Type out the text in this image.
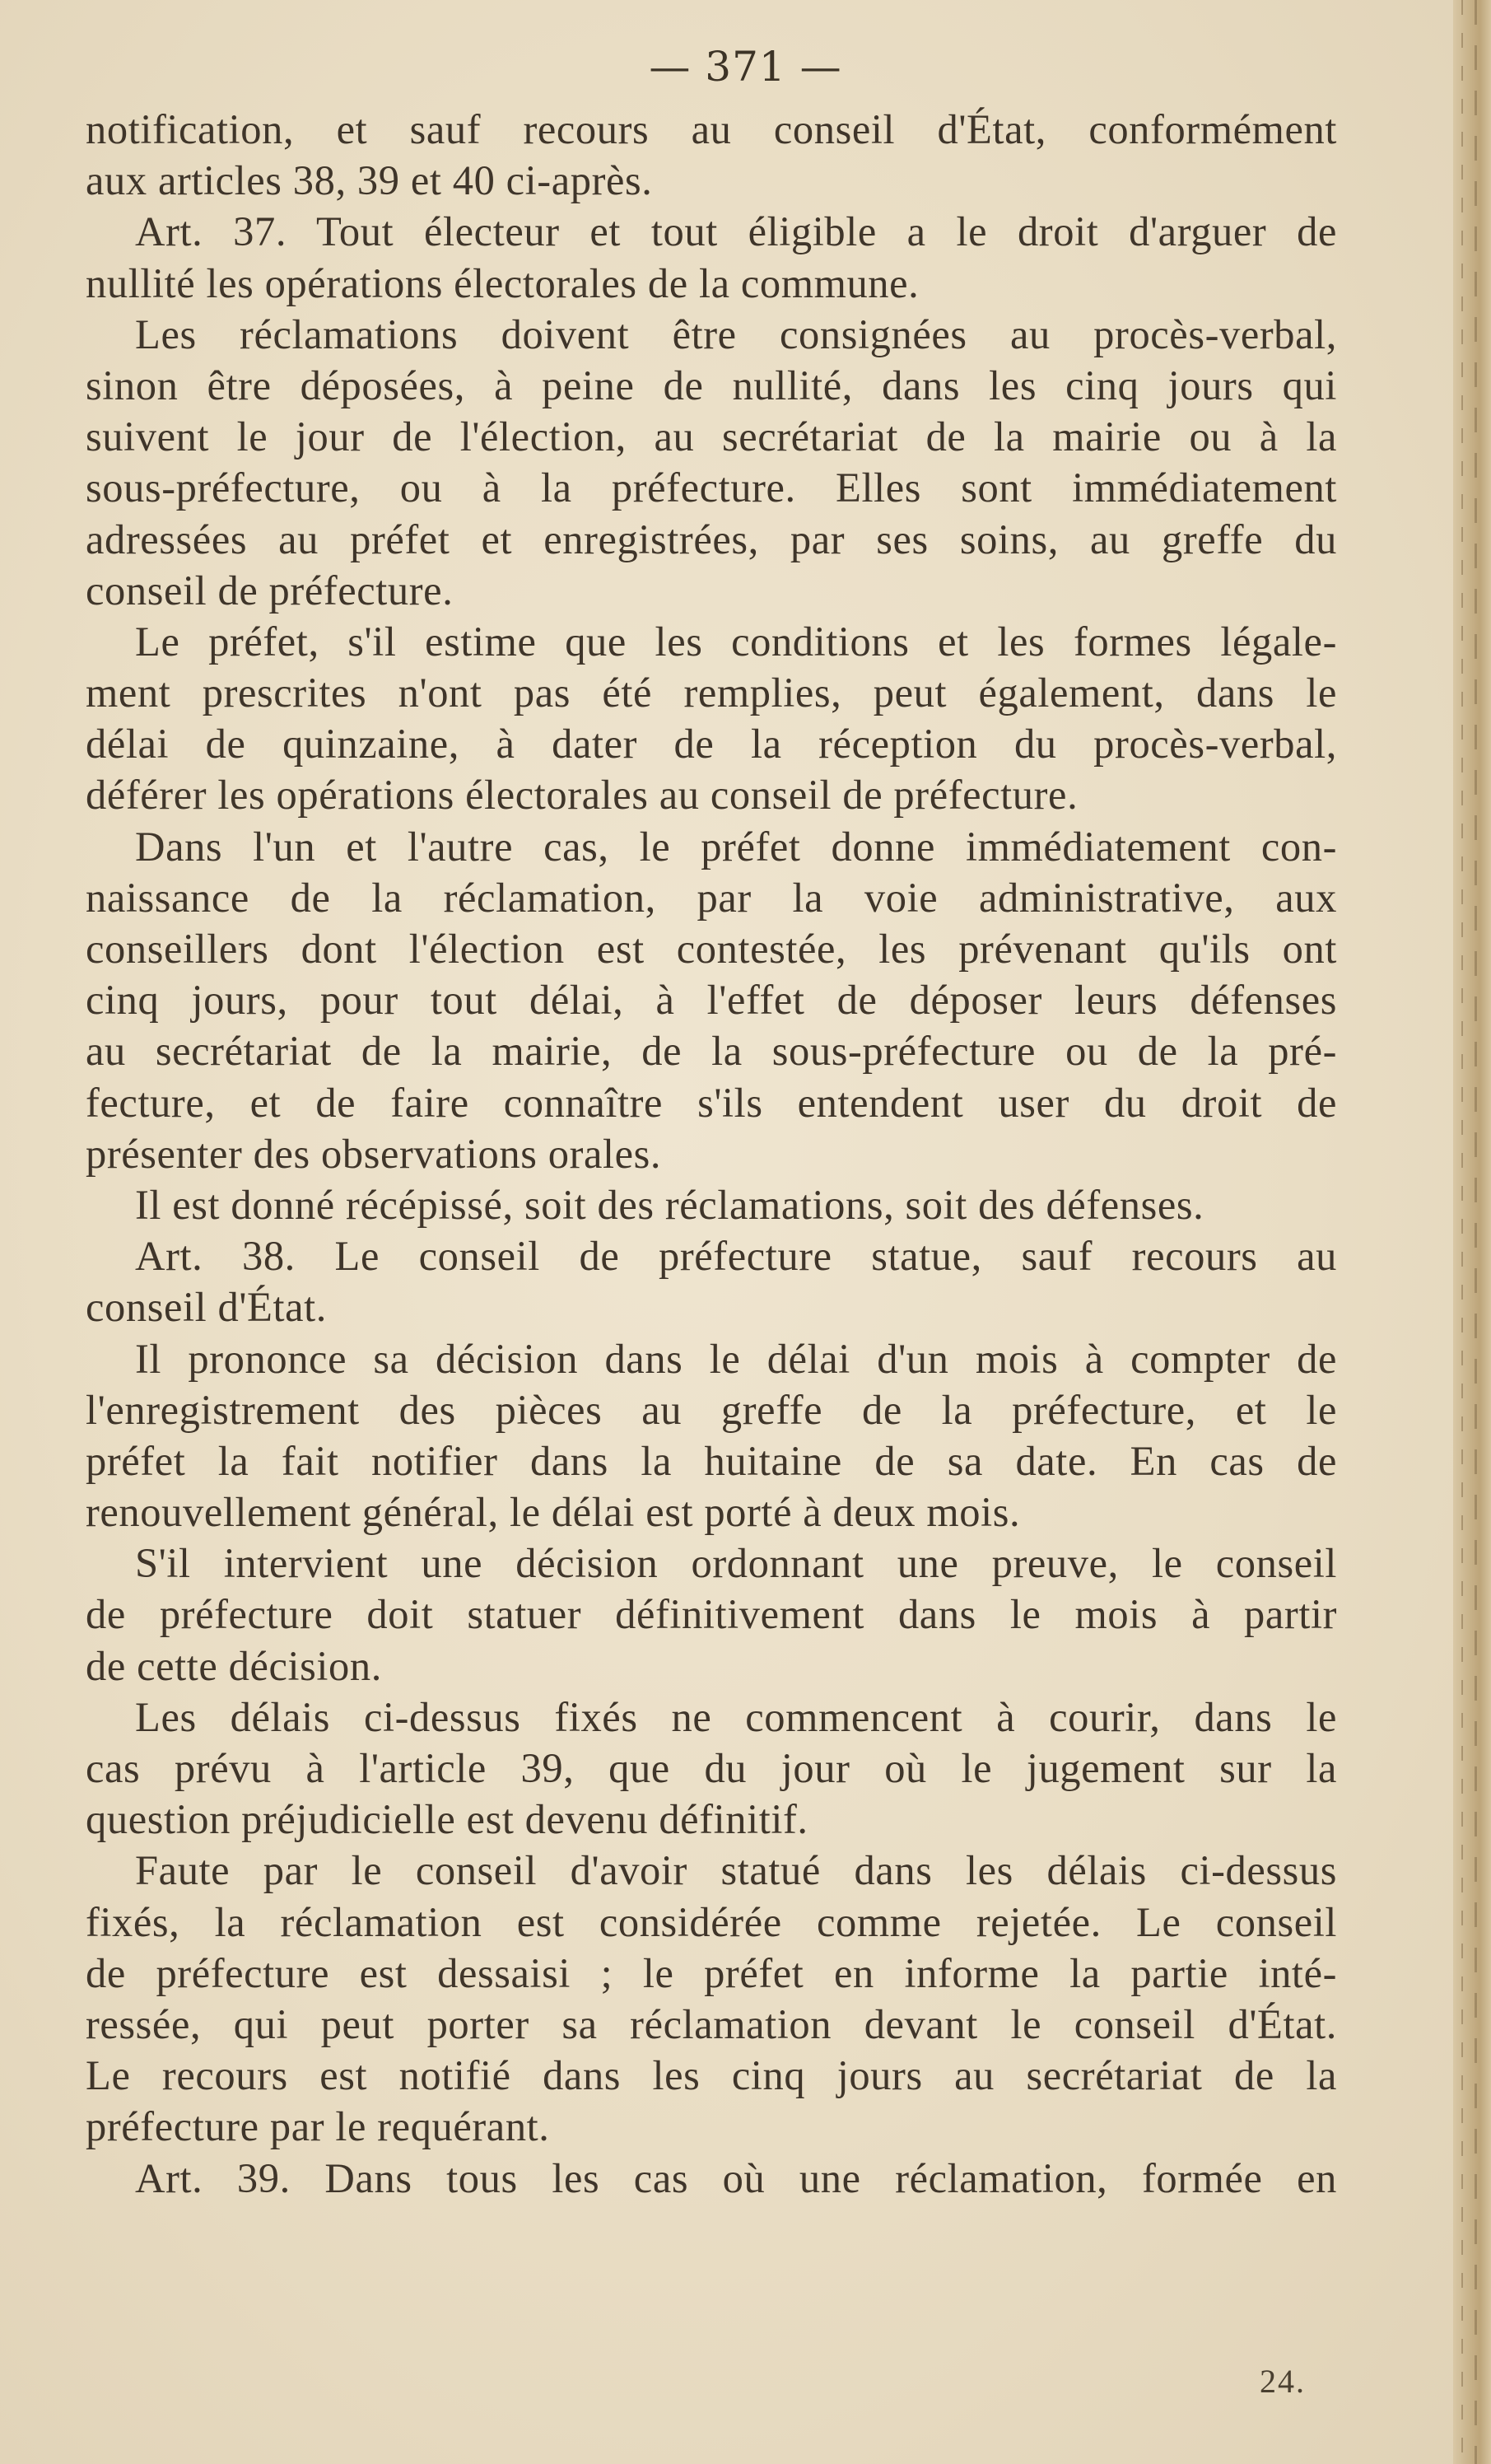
— 371 —
notification, et sauf recours au conseil d'État, conformément
aux articles 38, 39 et 40 ci-après.
Art. 37. Tout électeur et tout éligible a le droit d'arguer de
nullité les opérations électorales de la commune.
Les réclamations doivent être consignées au procès-verbal,
sinon être déposées, à peine de nullité, dans les cinq jours qui
suivent le jour de l'élection, au secrétariat de la mairie ou à la
sous-préfecture, ou à la préfecture. Elles sont immédiatement
adressées au préfet et enregistrées, par ses soins, au greffe du
conseil de préfecture.
Le préfet, s'il estime que les conditions et les formes légale-
ment prescrites n'ont pas été remplies, peut également, dans le
délai de quinzaine, à dater de la réception du procès-verbal,
déférer les opérations électorales au conseil de préfecture.
Dans l'un et l'autre cas, le préfet donne immédiatement con-
naissance de la réclamation, par la voie administrative, aux
conseillers dont l'élection est contestée, les prévenant qu'ils ont
cinq jours, pour tout délai, à l'effet de déposer leurs défenses
au secrétariat de la mairie, de la sous-préfecture ou de la pré-
fecture, et de faire connaître s'ils entendent user du droit de
présenter des observations orales.
Il est donné récépissé, soit des réclamations, soit des défenses.
Art. 38. Le conseil de préfecture statue, sauf recours au
conseil d'État.
Il prononce sa décision dans le délai d'un mois à compter de
l'enregistrement des pièces au greffe de la préfecture, et le
préfet la fait notifier dans la huitaine de sa date. En cas de
renouvellement général, le délai est porté à deux mois.
S'il intervient une décision ordonnant une preuve, le conseil
de préfecture doit statuer définitivement dans le mois à partir
de cette décision.
Les délais ci-dessus fixés ne commencent à courir, dans le
cas prévu à l'article 39, que du jour où le jugement sur la
question préjudicielle est devenu définitif.
Faute par le conseil d'avoir statué dans les délais ci-dessus
fixés, la réclamation est considérée comme rejetée. Le conseil
de préfecture est dessaisi ; le préfet en informe la partie inté-
ressée, qui peut porter sa réclamation devant le conseil d'État.
Le recours est notifié dans les cinq jours au secrétariat de la
préfecture par le requérant.
Art. 39. Dans tous les cas où une réclamation, formée en
24.
